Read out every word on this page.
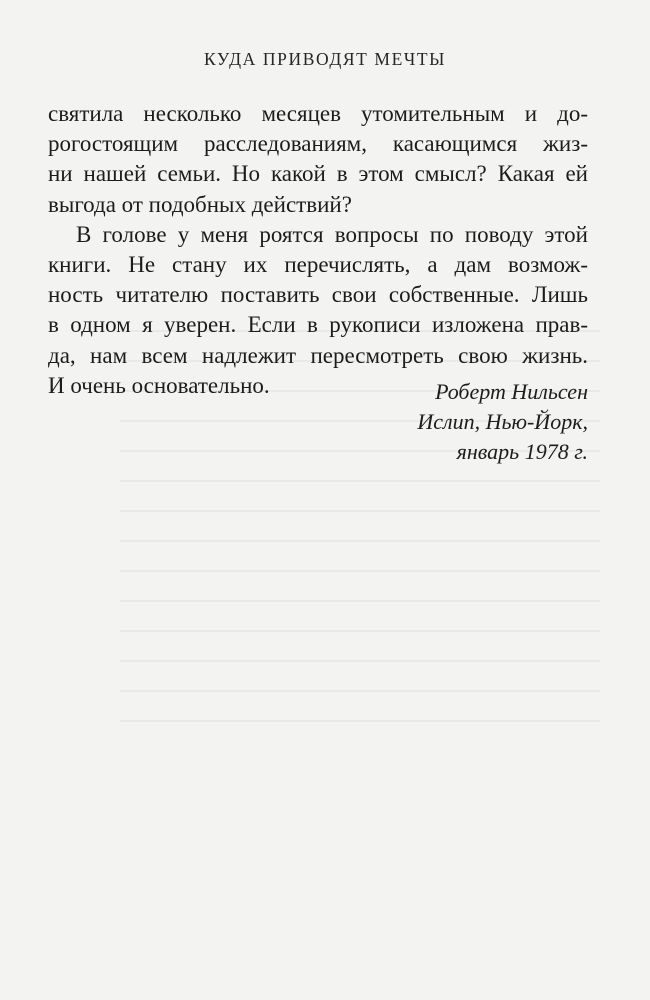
КУДА ПРИВОДЯТ МЕЧТЫ
святила несколько месяцев утомительным и до-
рогостоящим расследованиям, касающимся жиз-
ни нашей семьи. Но какой в этом смысл? Какая ей
выгода от подобных действий?
В голове у меня роятся вопросы по поводу этой
книги. Не стану их перечислять, а дам возмож-
ность читателю поставить свои собственные. Лишь
в одном я уверен. Если в рукописи изложена прав-
да, нам всем надлежит пересмотреть свою жизнь.
И очень основательно.	Роберт Нильсен
Ислип, Нью-Йорк,
январь 1978 г.
